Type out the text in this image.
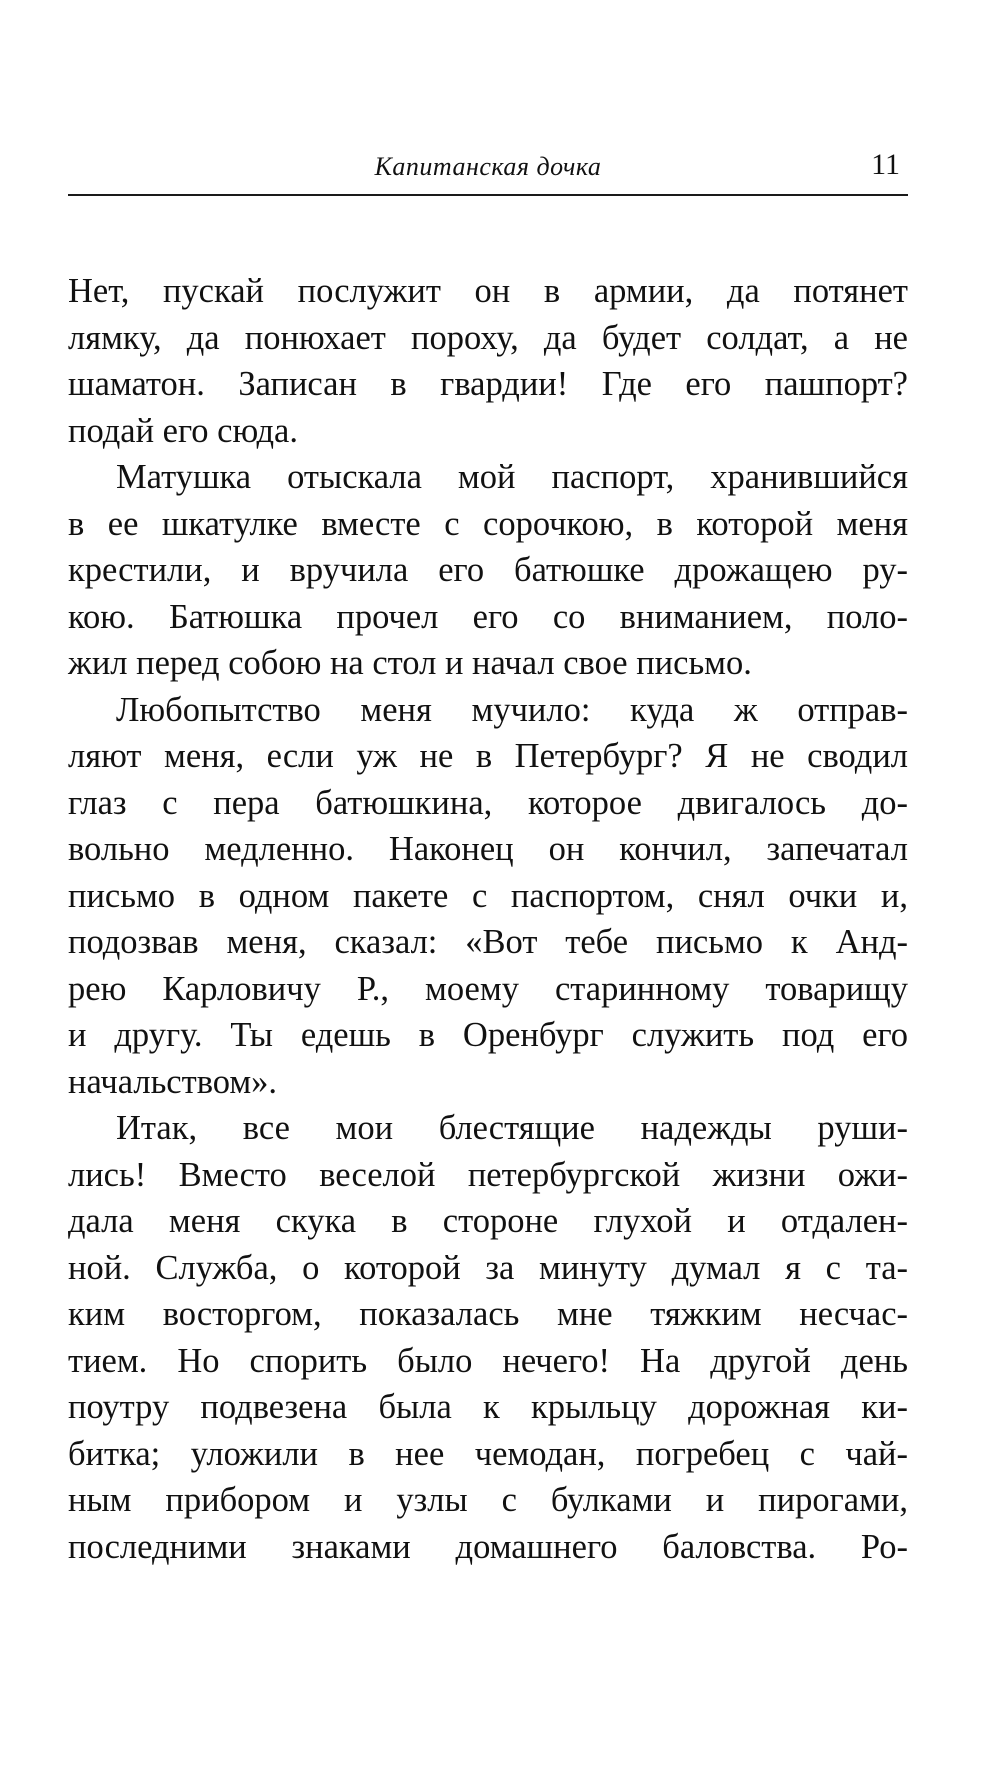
Капитанская дочка	11
Нет, пускай послужит он в армии, да потянет
лямку, да понюхает пороху, да будет солдат, а не
шаматон. Записан в гвардии! Где его пашпорт?
подай его сюда.
Матушка отыскала мой паспорт, хранившийся
в ее шкатулке вместе с сорочкою, в которой меня
крестили, и вручила его батюшке дрожащею ру-
кою. Батюшка прочел его со вниманием, поло-
жил перед собою на стол и начал свое письмо.
Любопытство меня мучило: куда ж отправ-
ляют меня, если уж не в Петербург? Я не сводил
глаз с пера батюшкина, которое двигалось до-
вольно медленно. Наконец он кончил, запечатал
письмо в одном пакете с паспортом, снял очки и,
подозвав меня, сказал: «Вот тебе письмо к Анд-
рею Карловичу Р., моему старинному товарищу
и другу. Ты едешь в Оренбург служить под его
начальством».
Итак, все мои блестящие надежды руши-
лись! Вместо веселой петербургской жизни ожи-
дала меня скука в стороне глухой и отдален-
ной. Служба, о которой за минуту думал я с та-
ким восторгом, показалась мне тяжким несчас-
тием. Но спорить было нечего! На другой день
поутру подвезена была к крыльцу дорожная ки-
битка; уложили в нее чемодан, погребец с чай-
ным прибором и узлы с булками и пирогами,
последними знаками домашнего баловства. Ро-
